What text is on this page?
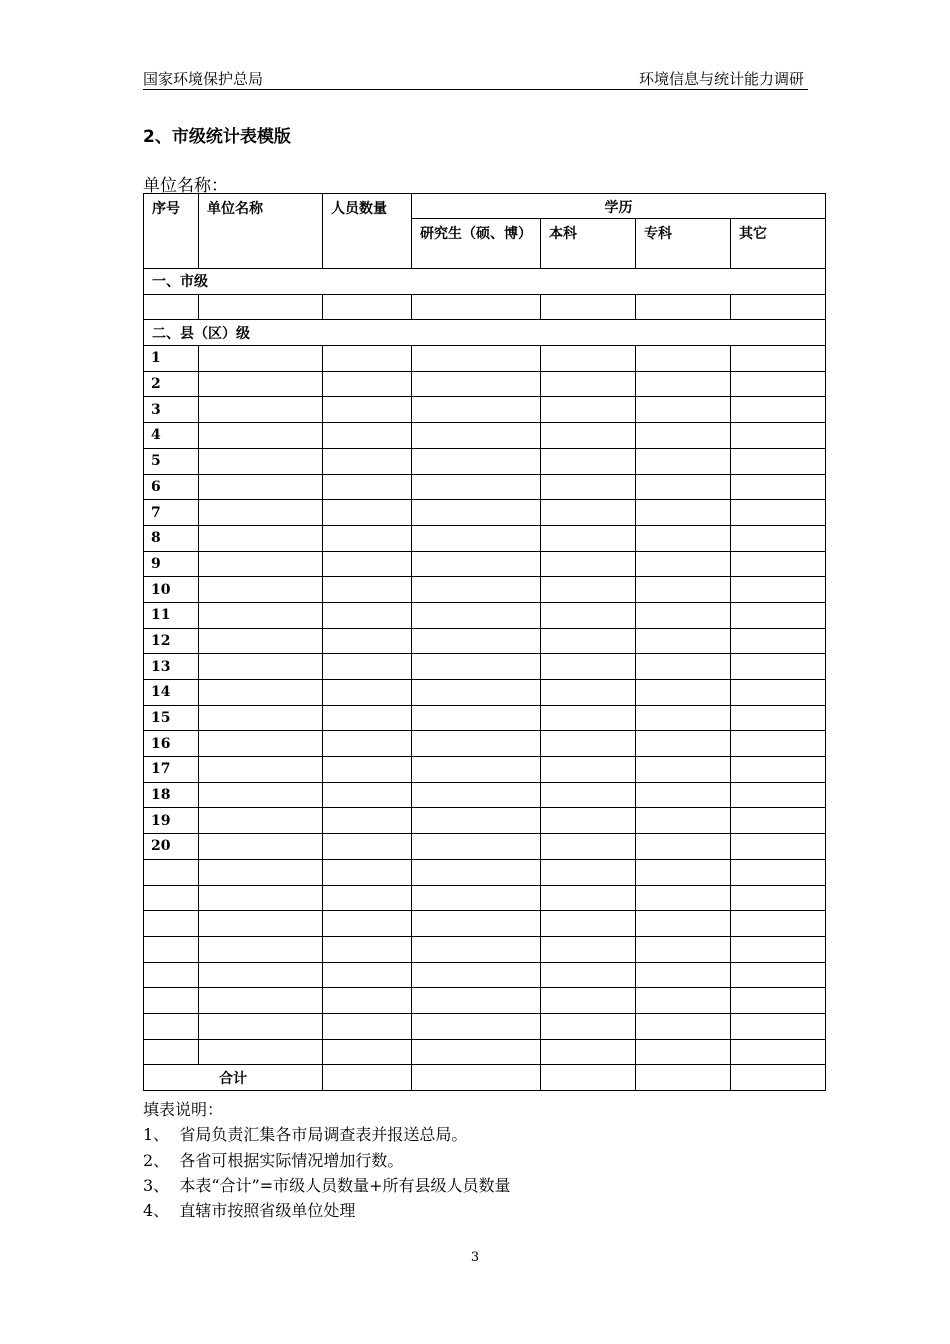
国家环境保护总局	环境信息与统计能力调研
2、市级统计表模版
单位名称：
序号	单位名称	人员数量	学历			
			研究生（硕、博）	本科	专科	其它
一、市级						

二、县（区）级						
1						
2						
3						
4						
5						
6						
7						
8						
9						
10						
11						
12						
13						
14						
15						
16						
17						
18						
19						
20						

合计						
填表说明：
1、  省局负责汇集各市局调查表并报送总局。
2、  各省可根据实际情况增加行数。
3、  本表“合计”=市级人员数量+所有县级人员数量
4、  直辖市按照省级单位处理
3
